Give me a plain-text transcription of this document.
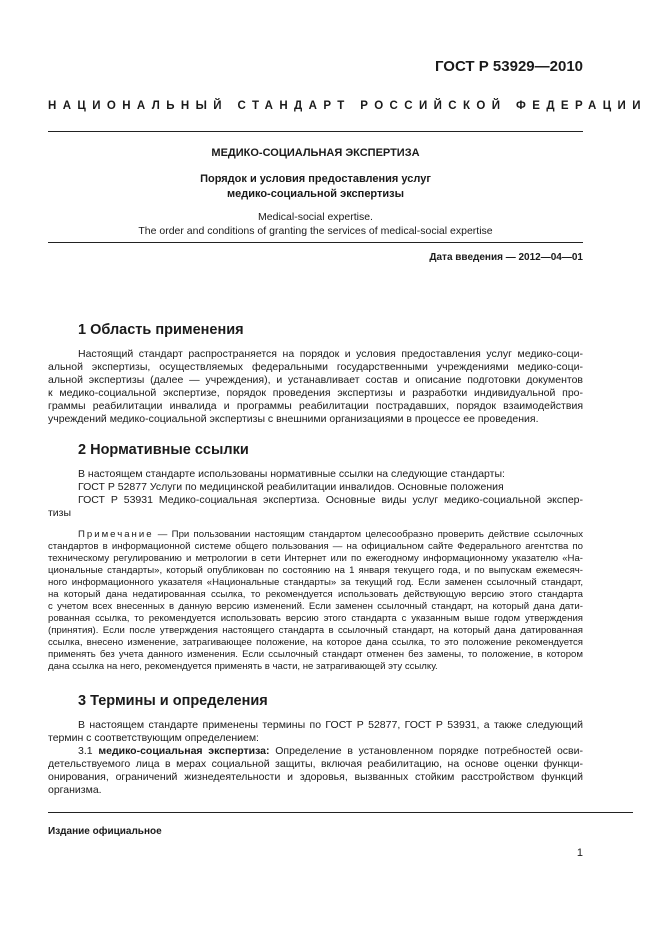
ГОСТ Р 53929—2010
НАЦИОНАЛЬНЫЙ СТАНДАРТ РОССИЙСКОЙ ФЕДЕРАЦИИ
МЕДИКО-СОЦИАЛЬНАЯ ЭКСПЕРТИЗА
Порядок и условия предоставления услуг
медико-социальной экспертизы
Medical-social expertise.
The order and conditions of granting the services of medical-social expertise
Дата введения — 2012—04—01
1 Область применения
Настоящий стандарт распространяется на порядок и условия предоставления услуг медико-соци-
альной экспертизы, осуществляемых федеральными государственными учреждениями медико-соци-
альной экспертизы (далее — учреждения), и устанавливает состав и описание подготовки документов
к медико-социальной экспертизе, порядок проведения экспертизы и разработки индивидуальной про-
граммы реабилитации инвалида и программы реабилитации пострадавших, порядок взаимодействия
учреждений медико-социальной экспертизы с внешними организациями в процессе ее проведения.
2 Нормативные ссылки
В настоящем стандарте использованы нормативные ссылки на следующие стандарты:
ГОСТ Р 52877 Услуги по медицинской реабилитации инвалидов. Основные положения
ГОСТ Р 53931 Медико-социальная экспертиза. Основные виды услуг медико-социальной экспер-
тизы
Примечание — При пользовании настоящим стандартом целесообразно проверить действие ссылочных
стандартов в информационной системе общего пользования — на официальном сайте Федерального агентства по
техническому регулированию и метрологии в сети Интернет или по ежегодному информационному указателю «На-
циональные стандарты», который опубликован по состоянию на 1 января текущего года, и по выпускам ежемесяч-
ного информационного указателя «Национальные стандарты» за текущий год. Если заменен ссылочный стандарт,
на который дана недатированная ссылка, то рекомендуется использовать действующую версию этого стандарта
с учетом всех внесенных в данную версию изменений. Если заменен ссылочный стандарт, на который дана дати-
рованная ссылка, то рекомендуется использовать версию этого стандарта с указанным выше годом утверждения
(принятия). Если после утверждения настоящего стандарта в ссылочный стандарт, на который дана датированная
ссылка, внесено изменение, затрагивающее положение, на которое дана ссылка, то это положение рекомендуется
применять без учета данного изменения. Если ссылочный стандарт отменен без замены, то положение, в котором
дана ссылка на него, рекомендуется применять в части, не затрагивающей эту ссылку.
3 Термины и определения
В настоящем стандарте применены термины по ГОСТ Р 52877, ГОСТ Р 53931, а также следующий
термин с соответствующим определением:
3.1 медико-социальная экспертиза: Определение в установленном порядке потребностей осви-
детельствуемого лица в мерах социальной защиты, включая реабилитацию, на основе оценки функци-
онирования, ограничений жизнедеятельности и здоровья, вызванных стойким расстройством функций
организма.
Издание официальное
1
